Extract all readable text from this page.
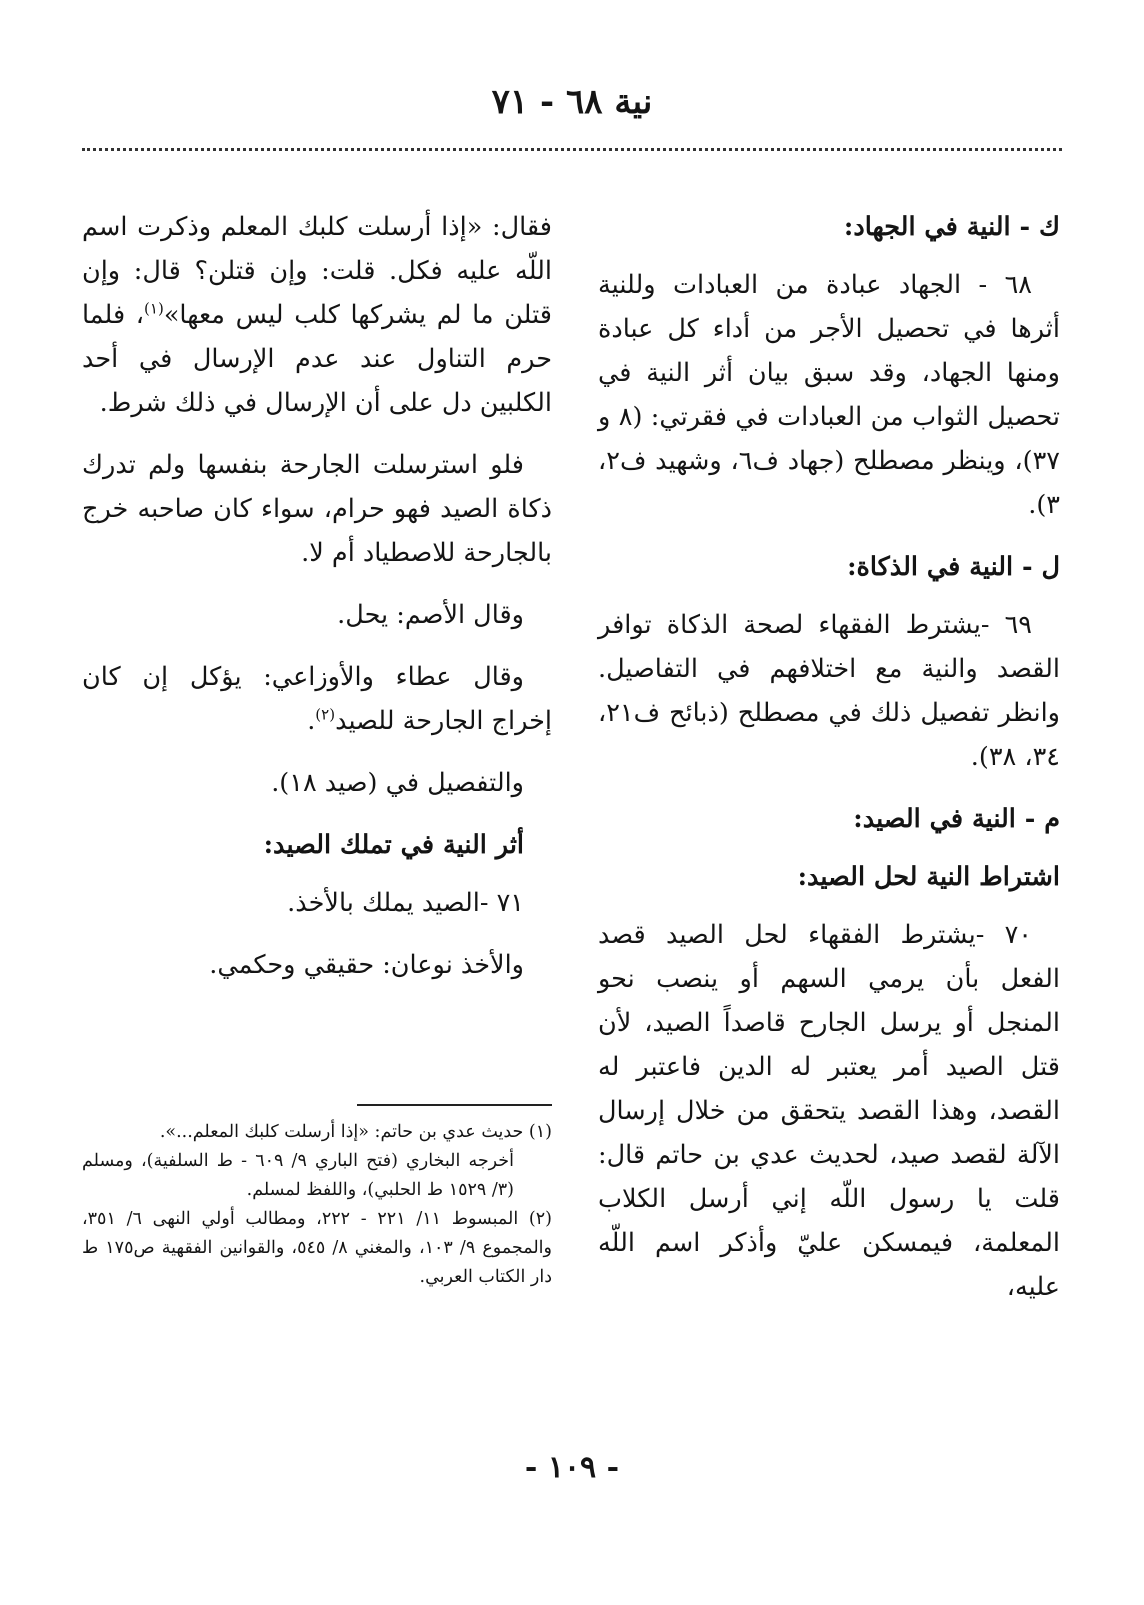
نية ٦٨ - ٧١

ك - النية في الجهاد:

٦٨ - الجهاد عبادة من العبادات وللنية أثرها في تحصيل الأجر من أداء كل عبادة ومنها الجهاد، وقد سبق بيان أثر النية في تحصيل الثواب من العبادات في فقرتي: (٨ و ٣٧)، وينظر مصطلح (جهاد ف٦، وشهيد ف٢، ٣).

ل - النية في الذكاة:

٦٩ -يشترط الفقهاء لصحة الذكاة توافر القصد والنية مع اختلافهم في التفاصيل. وانظر تفصيل ذلك في مصطلح (ذبائح ف٢١، ٣٤، ٣٨).

م - النية في الصيد:

اشتراط النية لحل الصيد:

٧٠ -يشترط الفقهاء لحل الصيد قصد الفعل بأن يرمي السهم أو ينصب نحو المنجل أو يرسل الجارح قاصداً الصيد، لأن قتل الصيد أمر يعتبر له الدين فاعتبر له القصد، وهذا القصد يتحقق من خلال إرسال الآلة لقصد صيد، لحديث عدي بن حاتم قال: قلت يا رسول اللّه إني أرسل الكلاب المعلمة، فيمسكن عليّ وأذكر اسم اللّه عليه،

فقال: «إذا أرسلت كلبك المعلم وذكرت اسم اللّه عليه فكل. قلت: وإن قتلن؟ قال: وإن قتلن ما لم يشركها كلب ليس معها»$^{(١)}$، فلما حرم التناول عند عدم الإرسال في أحد الكلبين دل على أن الإرسال في ذلك شرط.

فلو استرسلت الجارحة بنفسها ولم تدرك ذكاة الصيد فهو حرام، سواء كان صاحبه خرج بالجارحة للاصطياد أم لا.

وقال الأصم: يحل.

وقال عطاء والأوزاعي: يؤكل إن كان إخراج الجارحة للصيد$^{(٢)}$.

والتفصيل في (صيد ١٨).

أثر النية في تملك الصيد:

٧١ -الصيد يملك بالأخذ.

والأخذ نوعان: حقيقي وحكمي.

(١) حديث عدي بن حاتم: «إذا أرسلت كلبك المعلم...».

أخرجه البخاري (فتح الباري ٩/ ٦٠٩ - ط السلفية)، ومسلم (٣/ ١٥٢٩ ط الحلبي)، واللفظ لمسلم.

(٢) المبسوط ١١/ ٢٢١ - ٢٢٢، ومطالب أولي النهى ٦/ ٣٥١، والمجموع ٩/ ١٠٣، والمغني ٨/ ٥٤٥، والقوانين الفقهية ص١٧٥ ط دار الكتاب العربي.

- ١٠٩ -
